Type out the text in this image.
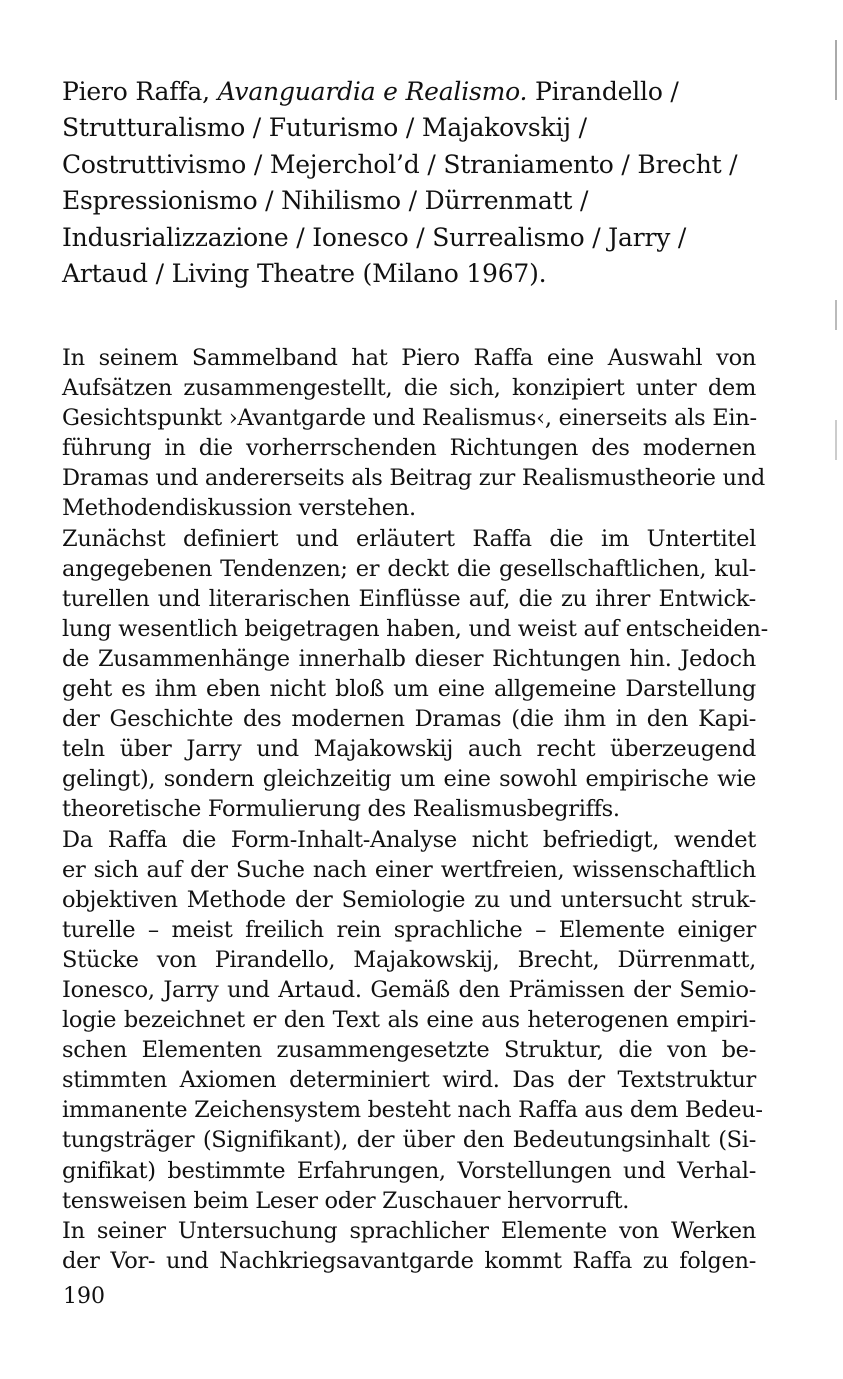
Piero Raffa, Avanguardia e Realismo. Pirandello /
Strutturalismo / Futurismo / Majakovskij /
Costruttivismo / Mejerchol’d / Straniamento / Brecht /
Espressionismo / Nihilismo / Dürrenmatt /
Indusrializzazione / Ionesco / Surrealismo / Jarry /
Artaud / Living Theatre (Milano 1967).

In seinem Sammelband hat Piero Raffa eine Auswahl von
Aufsätzen zusammengestellt, die sich, konzipiert unter dem
Gesichtspunkt ›Avantgarde und Realismus‹, einerseits als Ein-
führung in die vorherrschenden Richtungen des modernen
Dramas und andererseits als Beitrag zur Realismustheorie und
Methodendiskussion verstehen.

Zunächst definiert und erläutert Raffa die im Untertitel
angegebenen Tendenzen; er deckt die gesellschaftlichen, kul-
turellen und literarischen Einflüsse auf, die zu ihrer Entwick-
lung wesentlich beigetragen haben, und weist auf entscheiden-
de Zusammenhänge innerhalb dieser Richtungen hin. Jedoch
geht es ihm eben nicht bloß um eine allgemeine Darstellung
der Geschichte des modernen Dramas (die ihm in den Kapi-
teln über Jarry und Majakowskij auch recht überzeugend
gelingt), sondern gleichzeitig um eine sowohl empirische wie
theoretische Formulierung des Realismusbegriffs.

Da Raffa die Form-Inhalt-Analyse nicht befriedigt, wendet
er sich auf der Suche nach einer wertfreien, wissenschaftlich
objektiven Methode der Semiologie zu und untersucht struk-
turelle – meist freilich rein sprachliche – Elemente einiger
Stücke von Pirandello, Majakowskij, Brecht, Dürrenmatt,
Ionesco, Jarry und Artaud. Gemäß den Prämissen der Semio-
logie bezeichnet er den Text als eine aus heterogenen empiri-
schen Elementen zusammengesetzte Struktur, die von be-
stimmten Axiomen determiniert wird. Das der Textstruktur
immanente Zeichensystem besteht nach Raffa aus dem Bedeu-
tungsträger (Signifikant), der über den Bedeutungsinhalt (Si-
gnifikat) bestimmte Erfahrungen, Vorstellungen und Verhal-
tensweisen beim Leser oder Zuschauer hervorruft.

In seiner Untersuchung sprachlicher Elemente von Werken
der Vor- und Nachkriegsavantgarde kommt Raffa zu folgen-

190
